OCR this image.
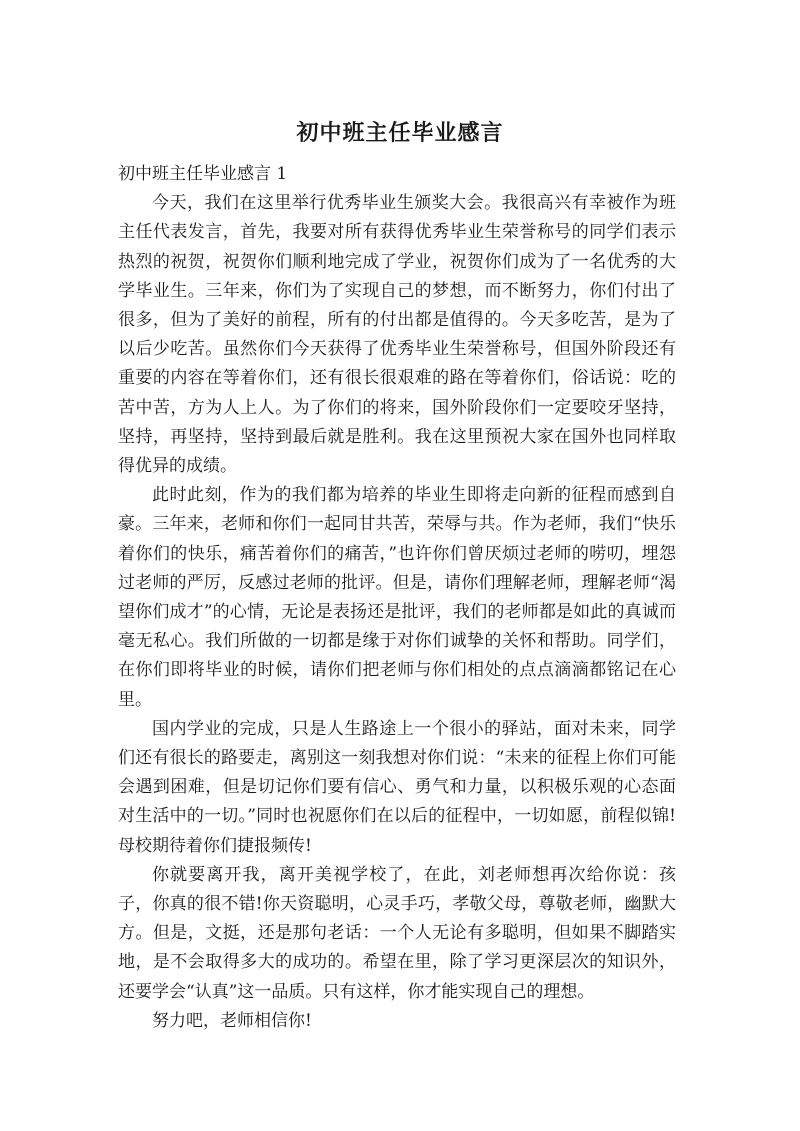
初中班主任毕业感言

初中班主任毕业感言 1

今天，我们在这里举行优秀毕业生颁奖大会。我很高兴有幸被作为班主任代表发言，首先，我要对所有获得优秀毕业生荣誉称号的同学们表示热烈的祝贺，祝贺你们顺利地完成了学业，祝贺你们成为了一名优秀的大学毕业生。三年来，你们为了实现自己的梦想，而不断努力，你们付出了很多，但为了美好的前程，所有的付出都是值得的。今天多吃苦，是为了以后少吃苦。虽然你们今天获得了优秀毕业生荣誉称号，但国外阶段还有重要的内容在等着你们，还有很长很艰难的路在等着你们，俗话说：吃的苦中苦，方为人上人。为了你们的将来，国外阶段你们一定要咬牙坚持，坚持，再坚持，坚持到最后就是胜利。我在这里预祝大家在国外也同样取得优异的成绩。

此时此刻，作为的我们都为培养的毕业生即将走向新的征程而感到自豪。三年来，老师和你们一起同甘共苦，荣辱与共。作为老师，我们“快乐着你们的快乐，痛苦着你们的痛苦，”也许你们曾厌烦过老师的唠叨，埋怨过老师的严厉，反感过老师的批评。但是，请你们理解老师，理解老师“渴望你们成才”的心情，无论是表扬还是批评，我们的老师都是如此的真诚而毫无私心。我们所做的一切都是缘于对你们诚挚的关怀和帮助。同学们，在你们即将毕业的时候，请你们把老师与你们相处的点点滴滴都铭记在心里。

国内学业的完成，只是人生路途上一个很小的驿站，面对未来，同学们还有很长的路要走，离别这一刻我想对你们说：“未来的征程上你们可能会遇到困难，但是切记你们要有信心、勇气和力量，以积极乐观的心态面对生活中的一切。”同时也祝愿你们在以后的征程中，一切如愿，前程似锦!母校期待着你们捷报频传!

你就要离开我，离开美视学校了，在此，刘老师想再次给你说：孩子，你真的很不错!你天资聪明，心灵手巧，孝敬父母，尊敬老师，幽默大方。但是，文挺，还是那句老话：一个人无论有多聪明，但如果不脚踏实地，是不会取得多大的成功的。希望在里，除了学习更深层次的知识外，还要学会“认真”这一品质。只有这样，你才能实现自己的理想。

努力吧，老师相信你!
